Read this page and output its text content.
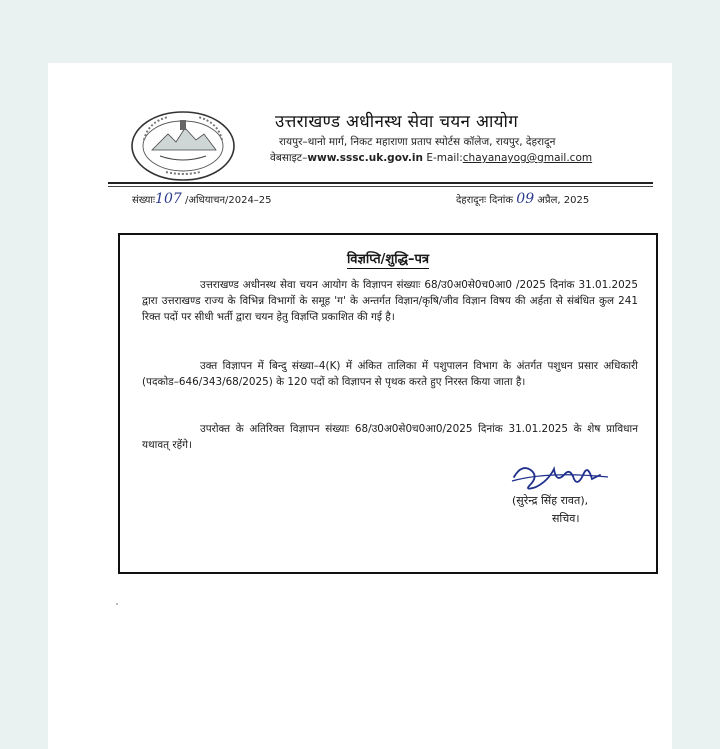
उत्तराखण्ड अधीनस्थ सेवा चयन आयोग
रायपुर–थानो मार्ग, निकट महाराणा प्रताप स्पोर्टस कॉलेज, रायपुर, देहरादून
वेबसाइट–www.sssc.uk.gov.in E-mail:chayanayog@gmail.com
संख्याः107 /अधियाचन/2024–25	देहरादूनः दिनांक 09 अप्रैल, 2025
विज्ञप्ति/शुद्धि–पत्र
उत्तराखण्ड अधीनस्थ सेवा चयन आयोग के विज्ञापन संख्याः 68/उ0अ0से0च0आ0 /2025 दिनांक 31.01.2025 द्वारा उत्तराखण्ड राज्य के विभिन्न विभागों के समूह 'ग' के अन्तर्गत विज्ञान/कृषि/जीव विज्ञान विषय की अर्हता से संबंधित कुल 241 रिक्त पदों पर सीधी भर्ती द्वारा चयन हेतु विज्ञप्ति प्रकाशित की गई है।
उक्त विज्ञापन में बिन्दु संख्या–4(K) में अंकित तालिका में पशुपालन विभाग के अंतर्गत पशुधन प्रसार अधिकारी (पदकोड–646/343/68/2025) के 120 पदों को विज्ञापन से पृथक करते हुए निरस्त किया जाता है।
उपरोक्त के अतिरिक्त विज्ञापन संख्याः 68/उ0अ0से0च0आ0/2025 दिनांक 31.01.2025 के शेष प्राविधान यथावत् रहेंगे।
(सुरेन्द्र सिंह रावत),
सचिव।
